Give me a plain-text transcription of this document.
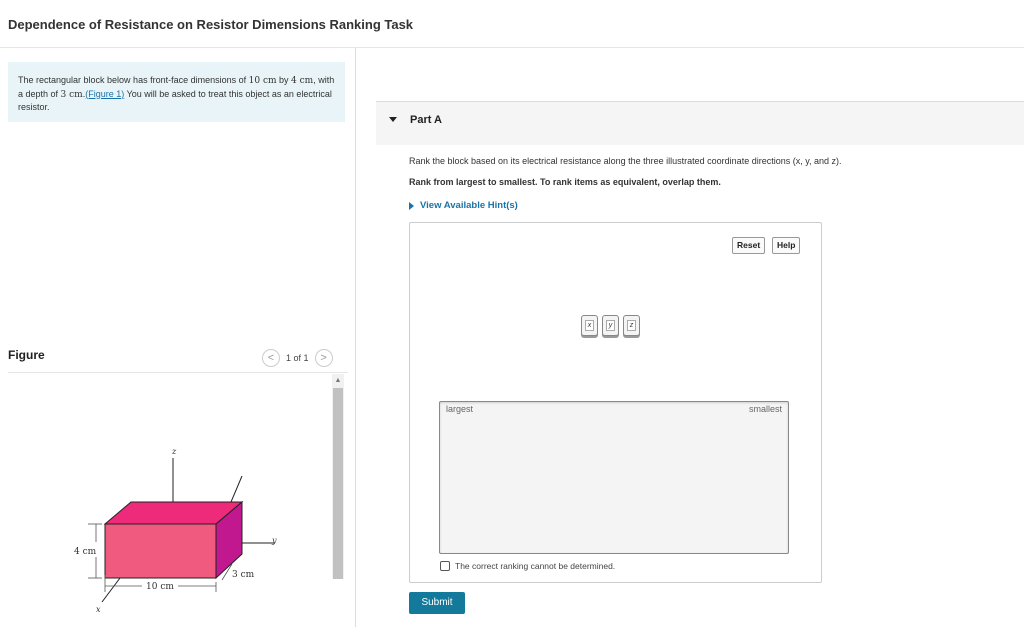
Dependence of Resistance on Resistor Dimensions Ranking Task
The rectangular block below has front-face dimensions of 10 cm by 4 cm, with a depth of 3 cm.(Figure 1) You will be asked to treat this object as an electrical resistor.
Figure	< 1 of 1 >
▲
z
y
x
4 cm
10 cm
3 cm
Part A
Rank the block based on its electrical resistance along the three illustrated coordinate directions (x, y, and z).
Rank from largest to smallest. To rank items as equivalent, overlap them.
View Available Hint(s)
Reset	Help
x	y	z
largest	smallest
The correct ranking cannot be determined.
Submit
